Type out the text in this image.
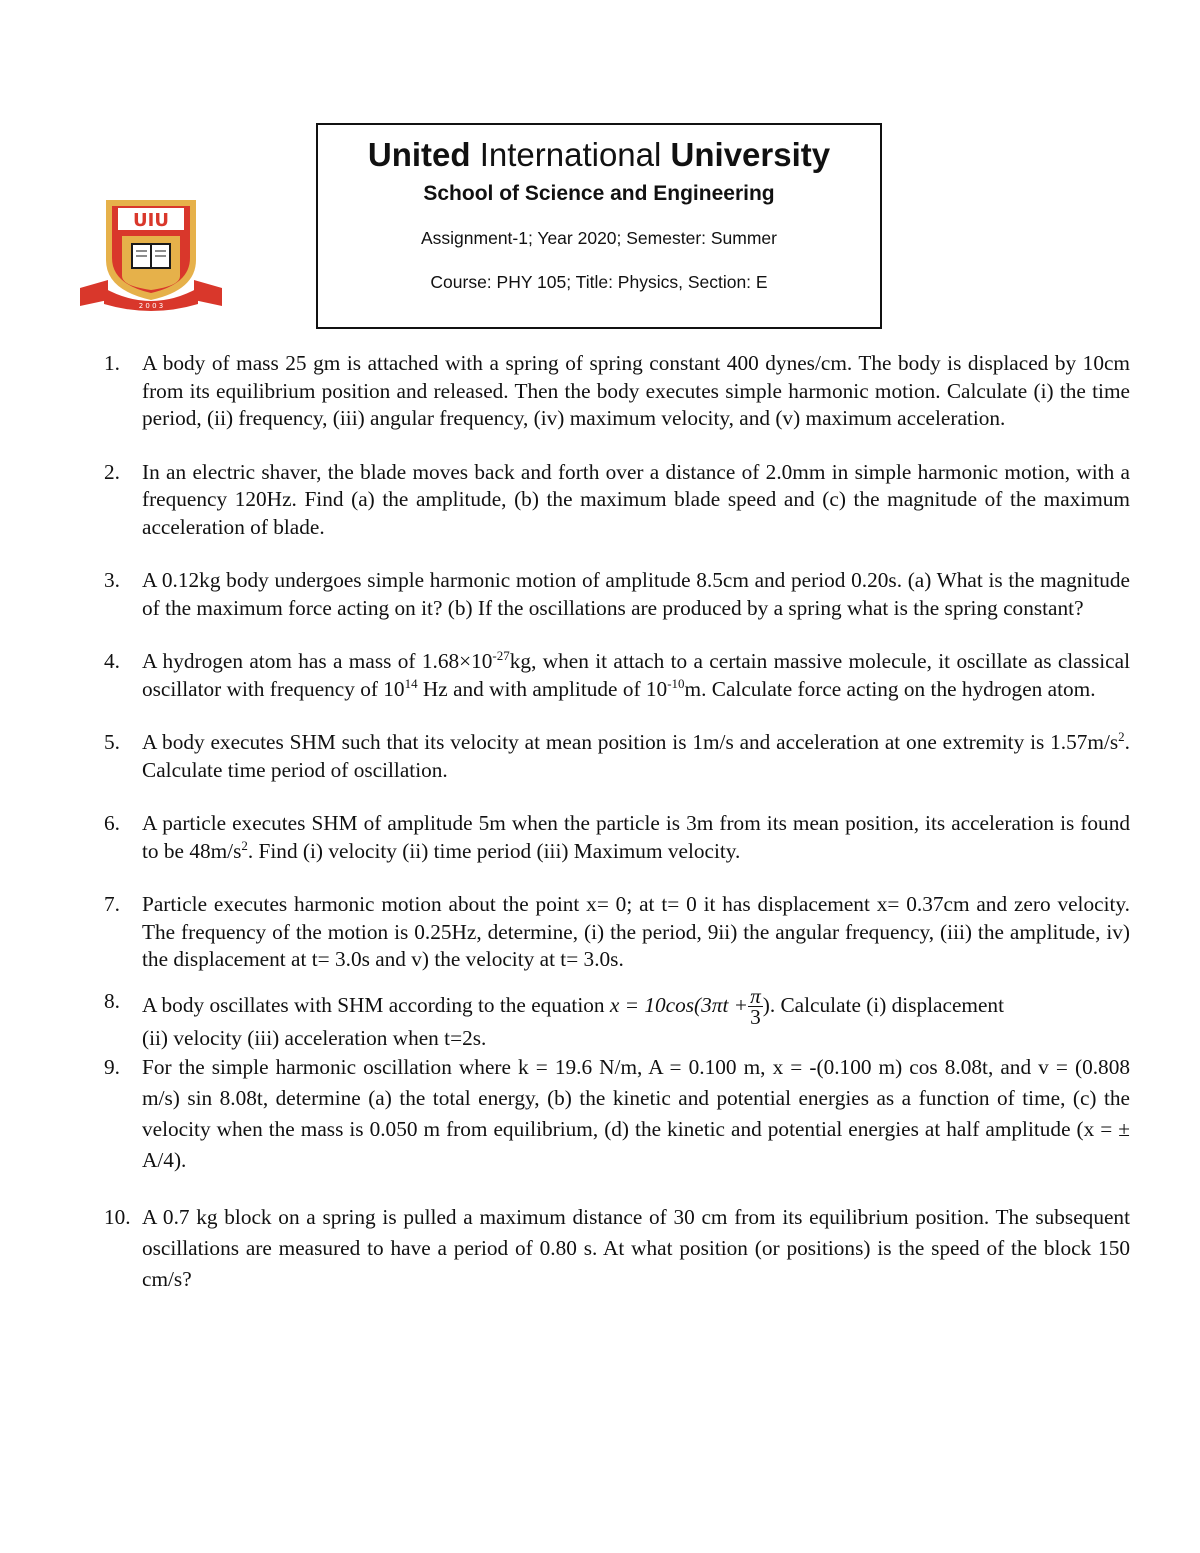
2 0 0 3
UIU
United International University
School of Science and Engineering
Assignment-1; Year 2020; Semester: Summer
Course: PHY 105; Title: Physics, Section: E
1. A body of mass 25 gm is attached with a spring of spring constant 400 dynes/cm. The body is displaced by 10cm from its equilibrium position and released. Then the body executes simple harmonic motion. Calculate (i) the time period, (ii) frequency, (iii) angular frequency, (iv) maximum velocity, and (v) maximum acceleration.
2. In an electric shaver, the blade moves back and forth over a distance of 2.0mm in simple harmonic motion, with a frequency 120Hz. Find (a) the amplitude, (b) the maximum blade speed and (c) the magnitude of the maximum acceleration of blade.
3. A 0.12kg body undergoes simple harmonic motion of amplitude 8.5cm and period 0.20s. (a) What is the magnitude of the maximum force acting on it? (b) If the oscillations are produced by a spring what is the spring constant?
4. A hydrogen atom has a mass of $1.68\times 10^{-27}kg$, when it attach to a certain massive molecule, it oscillate as classical oscillator with frequency of $10^{14}$ Hz and with amplitude of $10^{-10}m$. Calculate force acting on the hydrogen atom.
5. A body executes SHM such that its velocity at mean position is 1m/s and acceleration at one extremity is $1.57m/s^2$. Calculate time period of oscillation.
6. A particle executes SHM of amplitude 5m when the particle is 3m from its mean position, its acceleration is found to be $48m/s^2$. Find (i) velocity (ii) time period (iii) Maximum velocity.
7. Particle executes harmonic motion about the point x= 0; at t= 0 it has displacement x= 0.37cm and zero velocity. The frequency of the motion is 0.25Hz, determine, (i) the period, 9ii) the angular frequency, (iii) the amplitude, iv) the displacement at t= 3.0s and v) the velocity at t= 3.0s.
8. A body oscillates with SHM according to the equation $x = 10\cos(3\pi t + \frac{\pi}{3}$ ). Calculate (i) displacement
(ii) velocity (iii) acceleration when t=2s.
9. For the simple harmonic oscillation where k = 19.6 N/m, A = 0.100 m, x = -(0.100 m) cos 8.08t, and v = (0.808 m/s) sin 8.08t, determine (a) the total energy, (b) the kinetic and potential energies as a function of time, (c) the velocity when the mass is 0.050 m from equilibrium, (d) the kinetic and potential energies at half amplitude (x = ± A/4).
10. A 0.7 kg block on a spring is pulled a maximum distance of 30 cm from its equilibrium position. The subsequent oscillations are measured to have a period of 0.80 s. At what position (or positions) is the speed of the block 150 cm/s?
